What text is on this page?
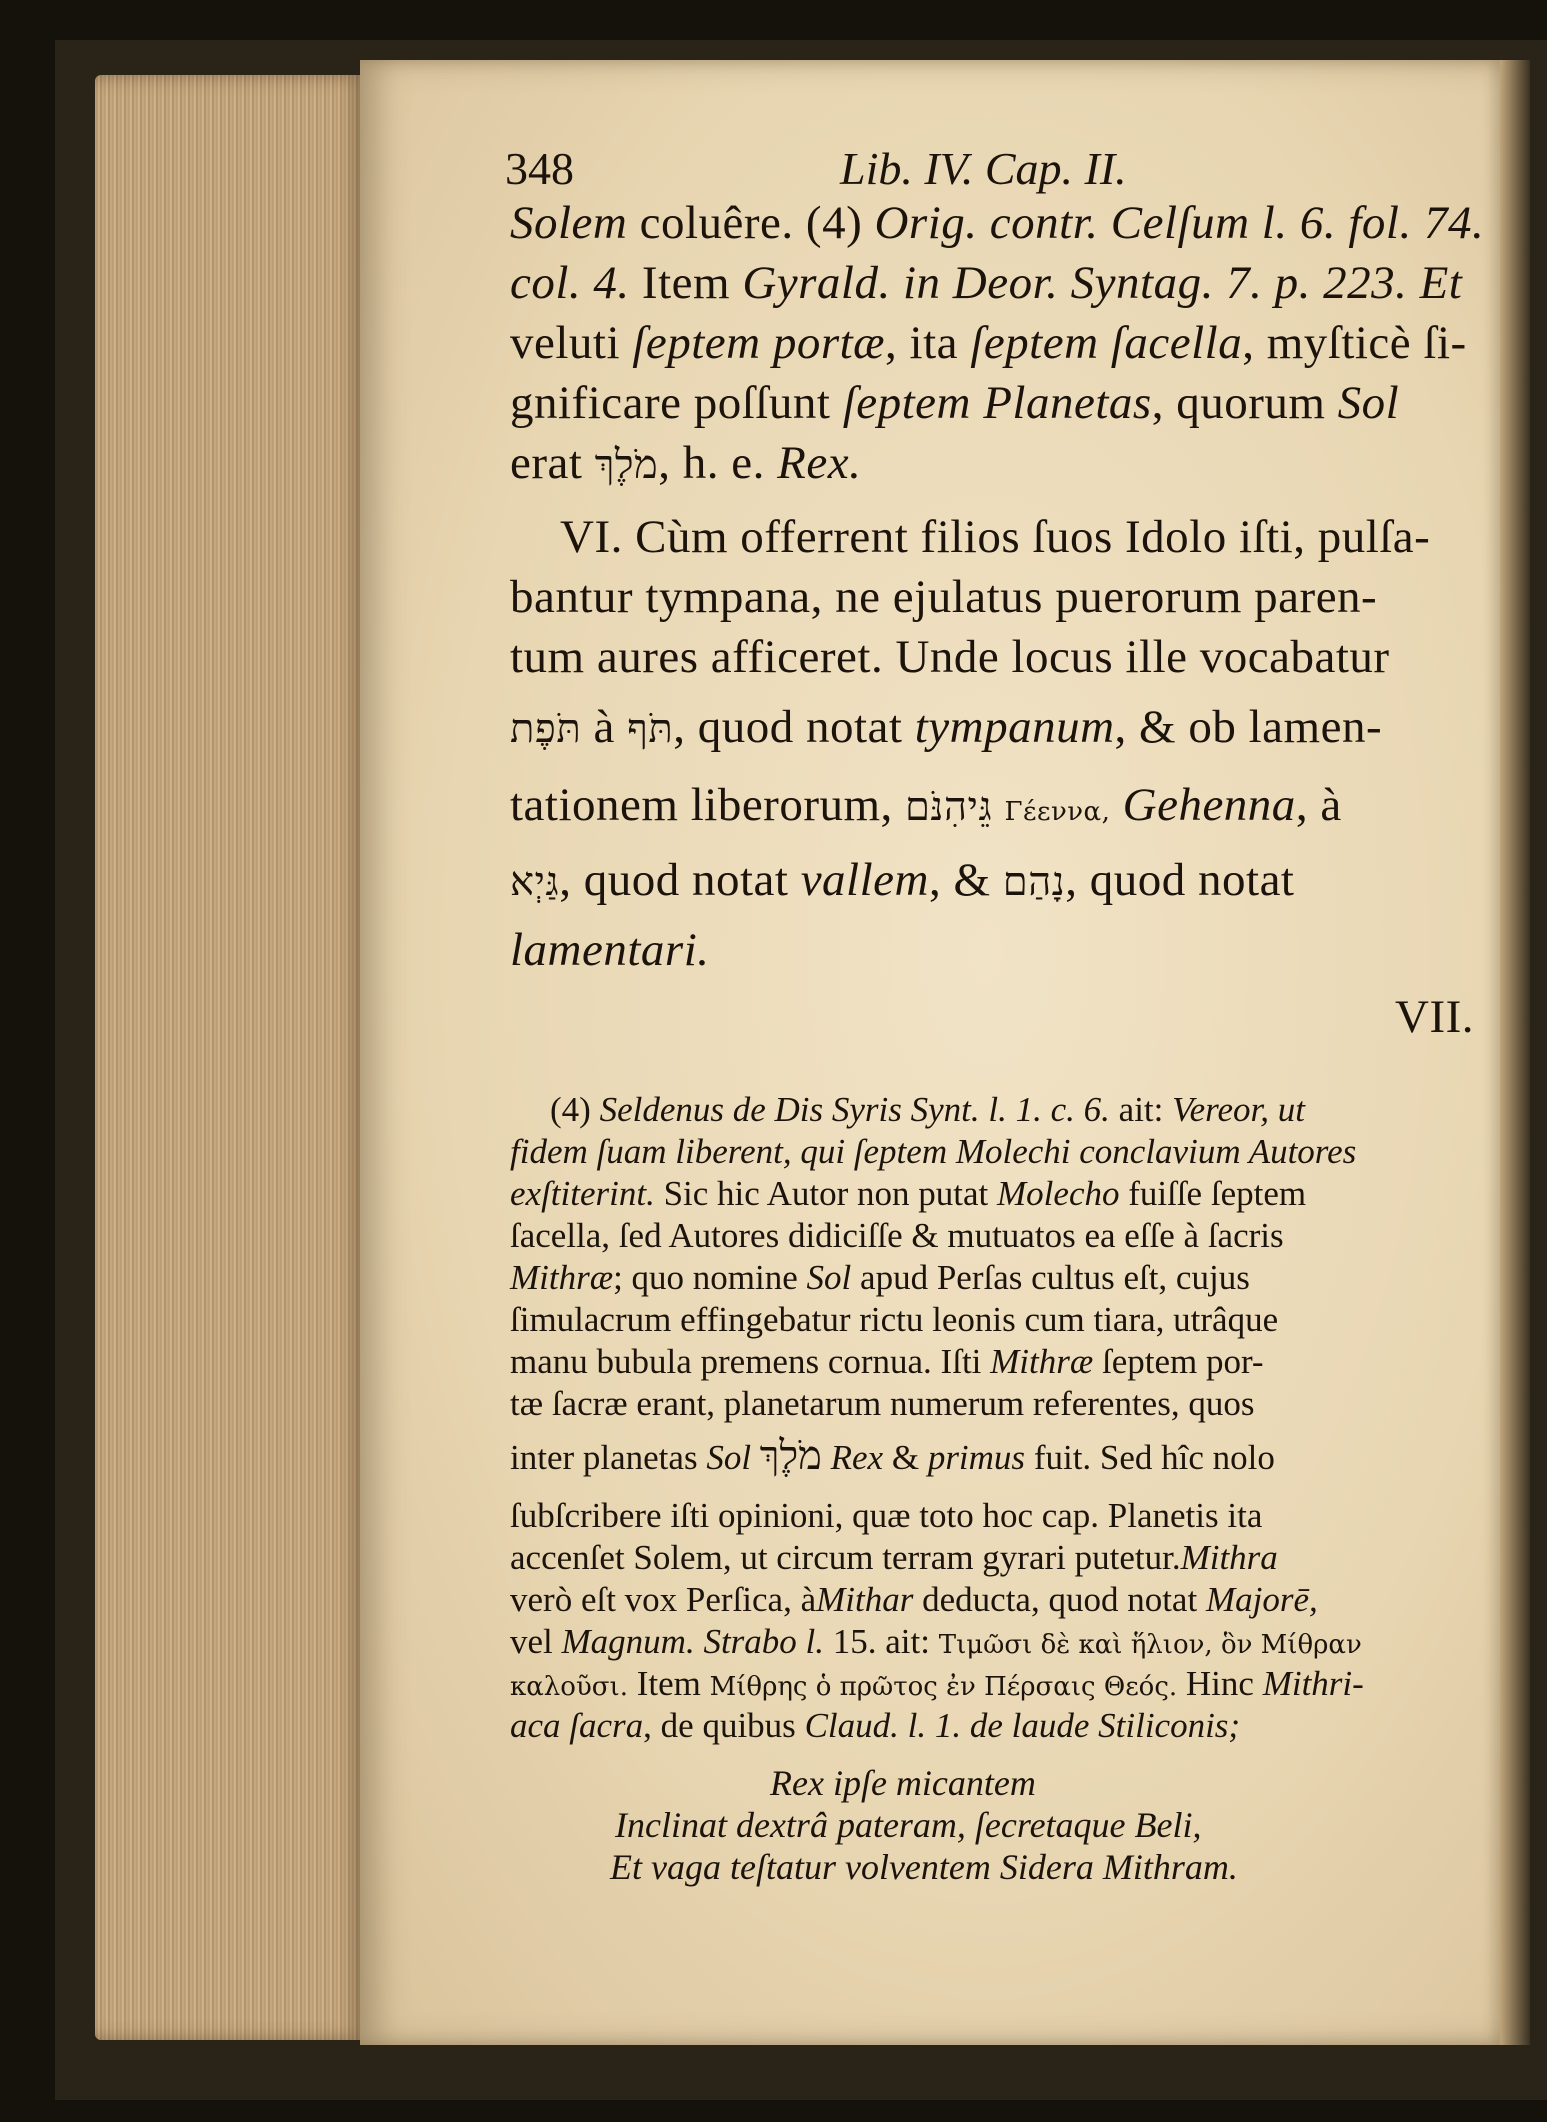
348	Lib. IV. Cap. II.
Solem coluêre. (4) Orig. contr. Celſum l. 6. fol. 74.
col. 4. Item Gyrald. in Deor. Syntag. 7. p. 223. Et
veluti ſeptem portæ, ita ſeptem ſacella, myſticè ſi-
gnificare poſſunt ſeptem Planetas, quorum Sol
erat מֹלֶךְ, h. e. Rex.
VI. Cùm offerrent filios ſuos Idolo iſti, pulſa-
bantur tympana, ne ejulatus puerorum paren-
tum aures afficeret. Unde locus ille vocabatur
תֹּפֶת à תֹּף, quod notat tympanum, & ob lamen-
tationem liberorum, גֵּיהִנֹּם Γέεννα, Gehenna, à
גַּיְא, quod notat vallem, & נָהַם, quod notat
lamentari.
VII.
(4) Seldenus de Dis Syris Synt. l. 1. c. 6. ait: Vereor, ut
fidem ſuam liberent, qui ſeptem Molechi conclavium Autores
exſtiterint. Sic hic Autor non putat Molecho fuiſſe ſeptem
ſacella, ſed Autores didiciſſe & mutuatos ea eſſe à ſacris
Mithræ; quo nomine Sol apud Perſas cultus eſt, cujus
ſimulacrum effingebatur rictu leonis cum tiara, utrâque
manu bubula premens cornua. Iſti Mithræ ſeptem por-
tæ ſacræ erant, planetarum numerum referentes, quos
inter planetas Sol מֹלֶךְ Rex & primus fuit. Sed hîc nolo
ſubſcribere iſti opinioni, quæ toto hoc cap. Planetis ita
accenſet Solem, ut circum terram gyrari putetur.Mithra
verò eſt vox Perſica, àMithar deducta, quod notat Majorē,
vel Magnum. Strabo l. 15. ait: Τιμῶσι δὲ καὶ ἥλιον, ὃν Μίθραν
καλοῦσι. Item Μίθρης ὁ πρῶτος ἐν Πέρσαις Θεός. Hinc Mithri-
aca ſacra, de quibus Claud. l. 1. de laude Stiliconis;
Rex ipſe micantem
Inclinat dextrâ pateram, ſecretaque Beli,
Et vaga teſtatur volventem Sidera Mithram.
